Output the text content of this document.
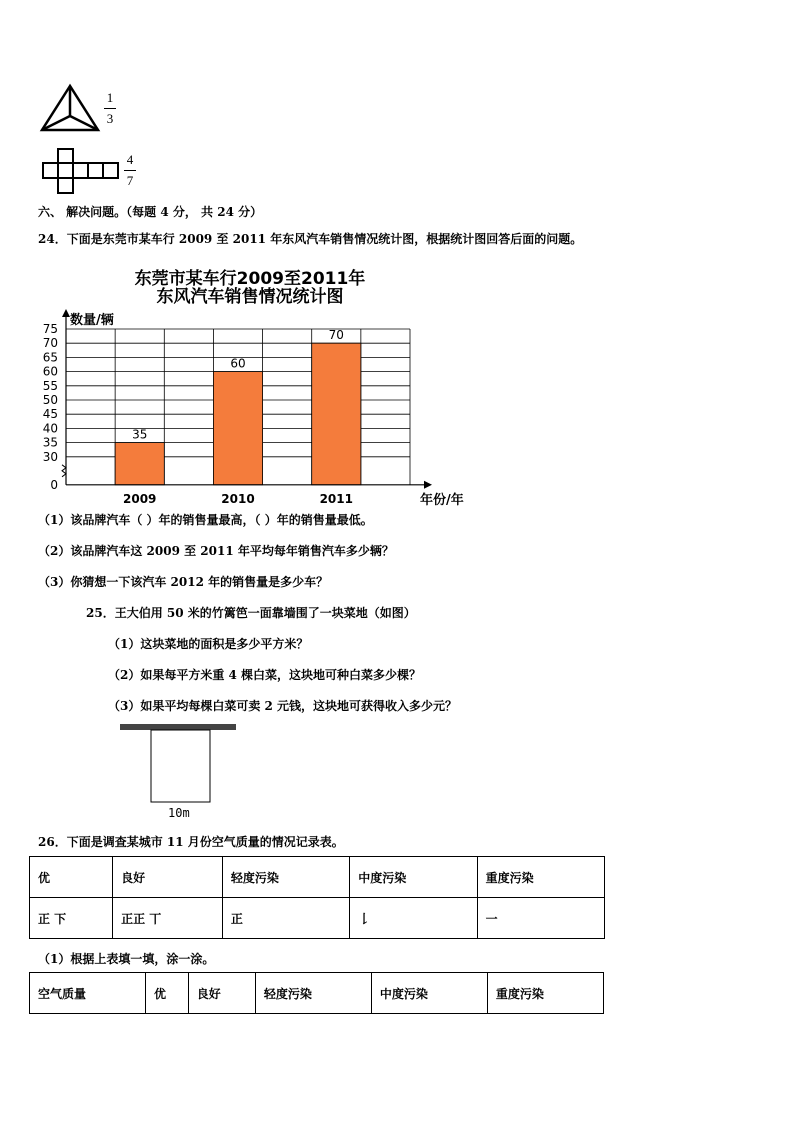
1
3
4
7
六、 解决问题。（每题 4 分， 共 24 分）
24．下面是东莞市某车行 2009 至 2011 年东风汽车销售情况统计图，根据统计图回答后面的问题。
东莞市某车行2009至2011年
东风汽车销售情况统计图
35
2009
60
2010
70
2011
75
70
65
60
55
50
45
40
35
30
0
数量/辆
年份/年
（1）该品牌汽车（ ）年的销售量最高，（ ）年的销售量最低。
（2）该品牌汽车这 2009 至 2011 年平均每年销售汽车多少辆？
（3）你猜想一下该汽车 2012 年的销售量是多少车？
25．王大伯用 50 米的竹篱笆一面靠墙围了一块菜地（如图）
（1）这块菜地的面积是多少平方米？
（2）如果每平方米重 4 棵白菜，这块地可种白菜多少棵？
（3）如果平均每棵白菜可卖 2 元钱，这块地可获得收入多少元？
10m
26．下面是调查某城市 11 月份空气质量的情况记录表。
优	良好	轻度污染	中度污染	重度污染
正 下	正正 丅	正	𠄌	一
（1）根据上表填一填，涂一涂。
空气质量	优	良好	轻度污染	中度污染	重度污染
